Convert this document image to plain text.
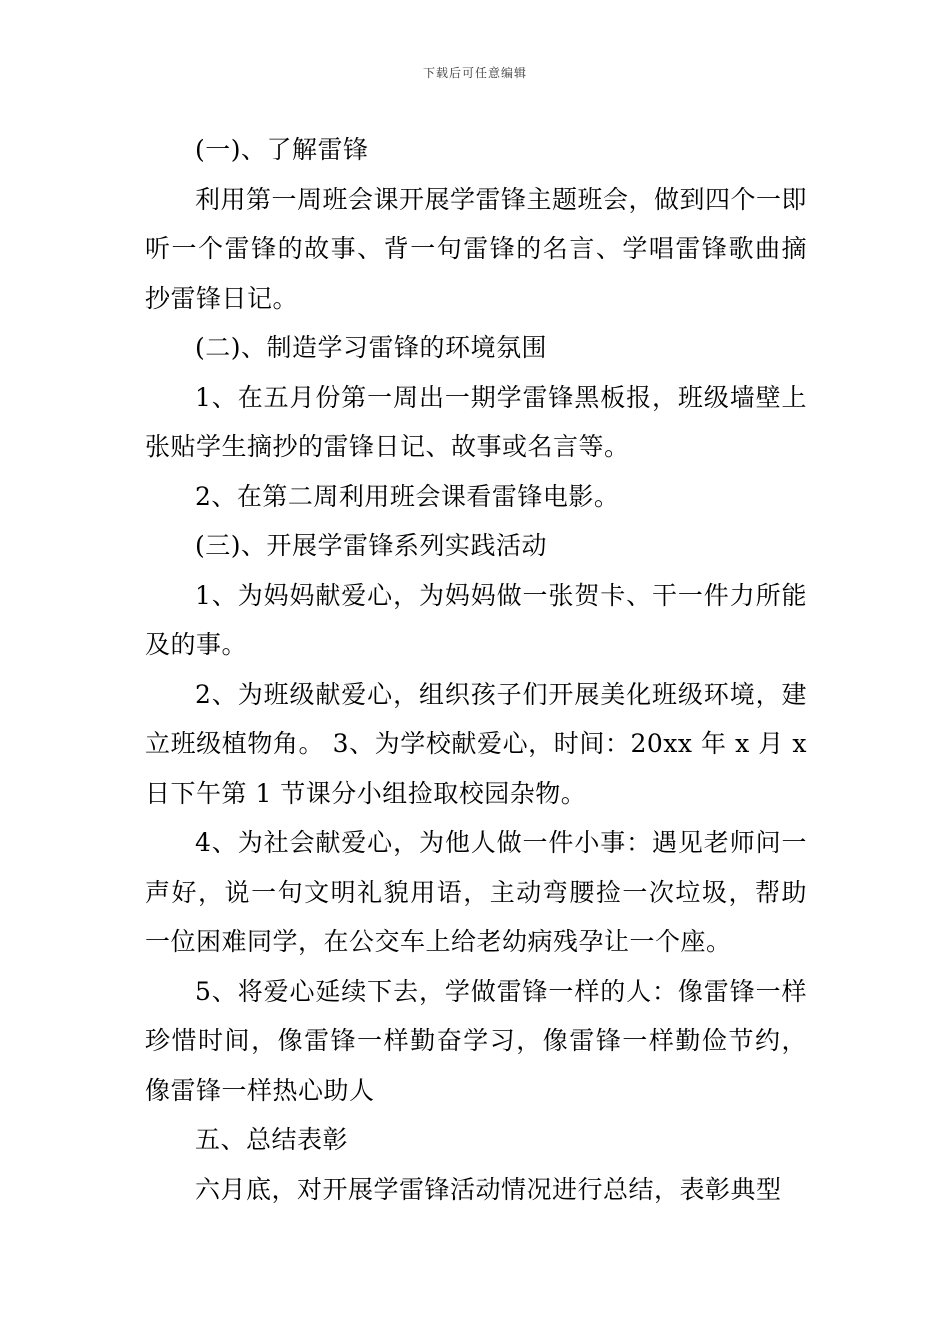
下载后可任意编辑

(一)、了解雷锋

利用第一周班会课开展学雷锋主题班会，做到四个一即听一个雷锋的故事、背一句雷锋的名言、学唱雷锋歌曲摘抄雷锋日记。

(二)、制造学习雷锋的环境氛围

1、在五月份第一周出一期学雷锋黑板报，班级墙壁上张贴学生摘抄的雷锋日记、故事或名言等。

2、在第二周利用班会课看雷锋电影。

(三)、开展学雷锋系列实践活动

1、为妈妈献爱心，为妈妈做一张贺卡、干一件力所能及的事。

2、为班级献爱心，组织孩子们开展美化班级环境，建立班级植物角。 3、为学校献爱心，时间：20xx 年 x 月 x 日下午第 1 节课分小组捡取校园杂物。

4、为社会献爱心，为他人做一件小事：遇见老师问一声好，说一句文明礼貌用语，主动弯腰捡一次垃圾，帮助一位困难同学，在公交车上给老幼病残孕让一个座。

5、将爱心延续下去，学做雷锋一样的人：像雷锋一样珍惜时间，像雷锋一样勤奋学习，像雷锋一样勤俭节约，像雷锋一样热心助人

五、总结表彰

六月底，对开展学雷锋活动情况进行总结，表彰典型
